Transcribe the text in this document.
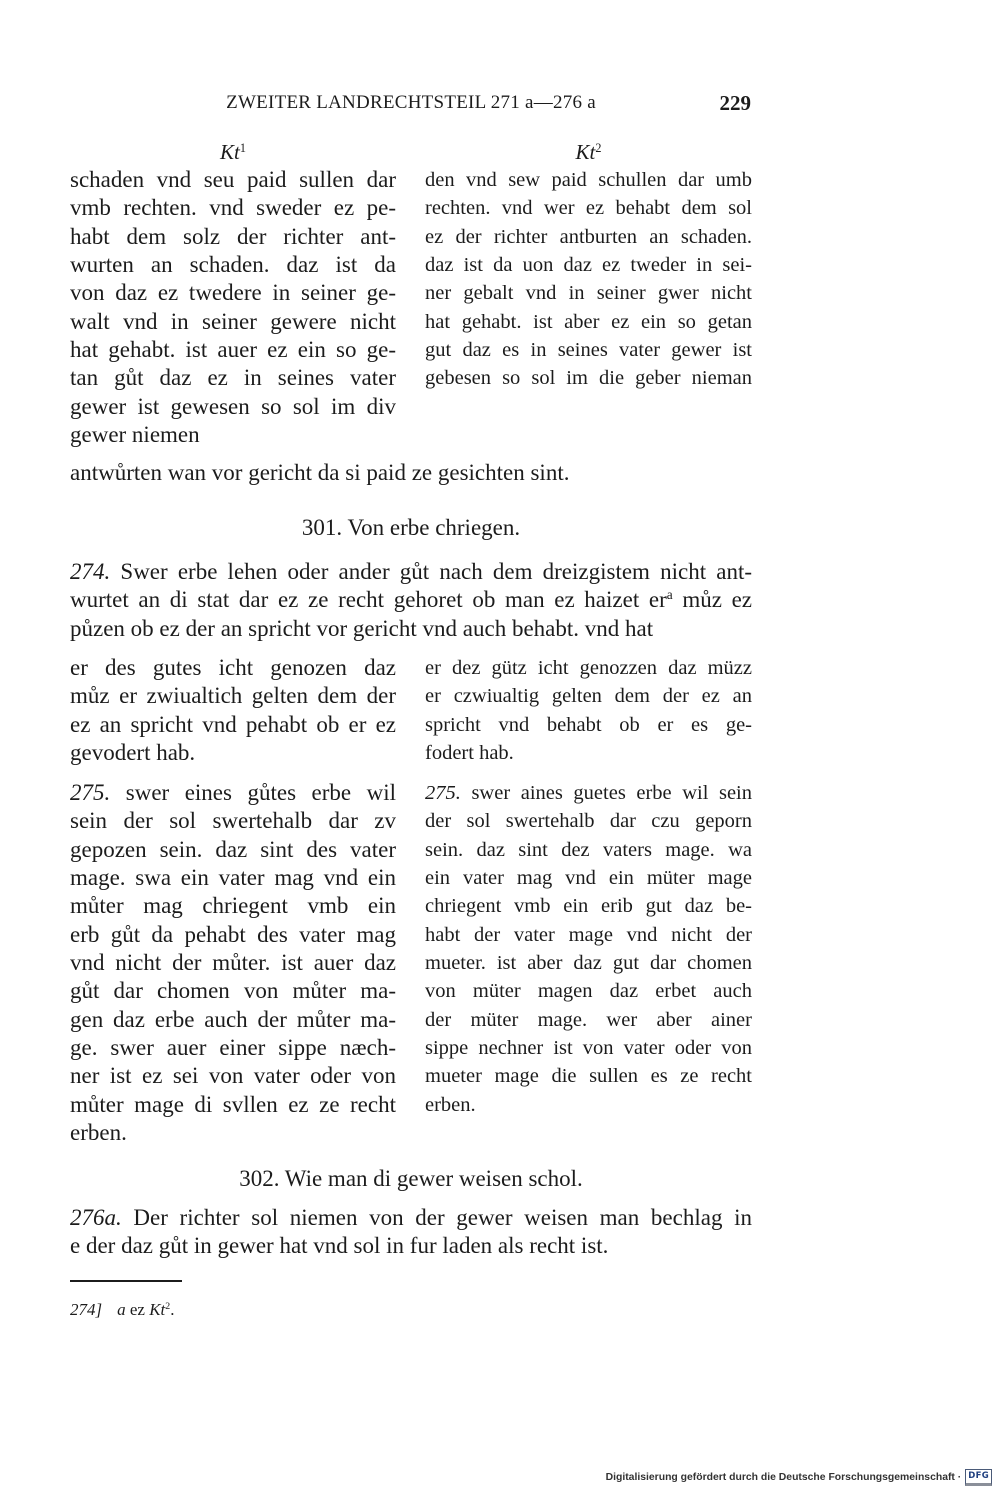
ZWEITER LANDRECHTSTEIL 271 a—276 a	229
Kt$^1$	Kt$^2$
schaden vnd seu paid sullen dar
vmb rechten. vnd sweder ez pe-
habt dem solz der richter ant-
wurten an schaden. daz ist da
von daz ez twedere in seiner ge-
walt vnd in seiner gewere nicht
hat gehabt. ist auer ez ein so ge-
tan gůt daz ez in seines vater
gewer ist gewesen so sol im div
gewer niemen
den vnd sew paid schullen dar umb
rechten. vnd wer ez behabt dem sol
ez der richter antburten an schaden.
daz ist da uon daz ez tweder in sei-
ner gebalt vnd in seiner gwer nicht
hat gehabt. ist aber ez ein so getan
gut daz es in seines vater gewer ist
gebesen so sol im die geber nieman
antwůrten wan vor gericht da si paid ze gesichten sint.
301. Von erbe chriegen.
274. Swer erbe lehen oder ander gůt nach dem dreizgistem nicht ant-
wurtet an di stat dar ez ze recht gehoret ob man ez haizet $er^a$ můz ez
půzen ob ez der an spricht vor gericht vnd auch behabt. vnd hat
er des gutes icht genozen daz
můz er zwiualtich gelten dem der
ez an spricht vnd pehabt ob er ez
gevodert hab.
er dez gütz icht genozzen daz müzz
er czwiualtig gelten dem der ez an
spricht vnd behabt ob er es ge-
fodert hab.
275. swer eines gůtes erbe wil
sein der sol swertehalb dar zv
gepozen sein. daz sint des vater
mage. swa ein vater mag vnd ein
můter mag chriegent vmb ein
erb gůt da pehabt des vater mag
vnd nicht der můter. ist auer daz
gůt dar chomen von můter ma-
gen daz erbe auch der můter ma-
ge. swer auer einer sippe næch-
ner ist ez sei von vater oder von
můter mage di svllen ez ze recht
erben.
275. swer aines guetes erbe wil sein
der sol swertehalb dar czu geporn
sein. daz sint dez vaters mage. wa
ein vater mag vnd ein müter mage
chriegent vmb ein erib gut daz be-
habt der vater mage vnd nicht der
mueter. ist aber daz gut dar chomen
von müter magen daz erbet auch
der müter mage. wer aber ainer
sippe nechner ist von vater oder von
mueter mage die sullen es ze recht
erben.
302. Wie man di gewer weisen schol.
276a. Der richter sol niemen von der gewer weisen man bechlag in
e der daz gůt in gewer hat vnd sol in fur laden als recht ist.
274] a ez Kt$^2$.
Digitalisierung gefördert durch die Deutsche Forschungsgemeinschaft · DFG
